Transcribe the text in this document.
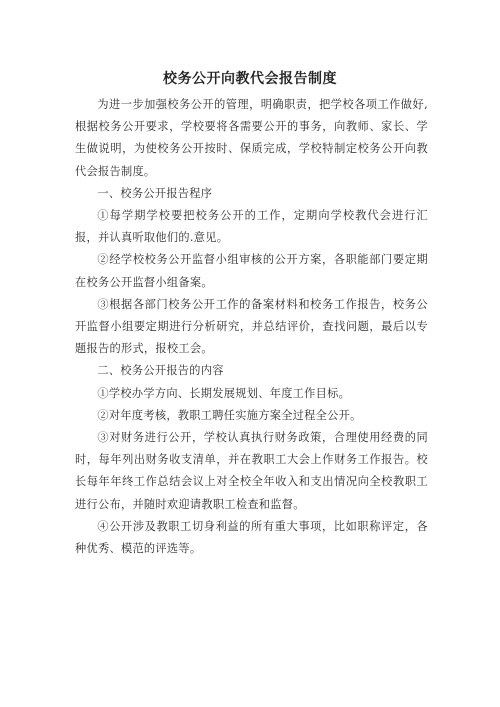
校务公开向教代会报告制度

为进一步加强校务公开的管理，明确职责，把学校各项工作做好,根据校务公开要求，学校要将各需要公开的事务，向教师、家长、学生做说明，为使校务公开按时、保质完成，学校特制定校务公开向教代会报告制度。

一、校务公开报告程序

①每学期学校要把校务公开的工作，定期向学校教代会进行汇报，并认真听取他们的.意见。

②经学校校务公开监督小组审核的公开方案，各职能部门要定期在校务公开监督小组备案。

③根据各部门校务公开工作的备案材料和校务工作报告，校务公开监督小组要定期进行分析研究，并总结评价，查找问题，最后以专题报告的形式，报校工会。

二、校务公开报告的内容

①学校办学方向、长期发展规划、年度工作目标。

②对年度考核，教职工聘任实施方案全过程全公开。

③对财务进行公开，学校认真执行财务政策，合理使用经费的同时，每年列出财务收支清单，并在教职工大会上作财务工作报告。校长每年年终工作总结会议上对全校全年收入和支出情况向全校教职工进行公布，并随时欢迎请教职工检查和监督。

④公开涉及教职工切身利益的所有重大事项，比如职称评定，各种优秀、模范的评选等。
